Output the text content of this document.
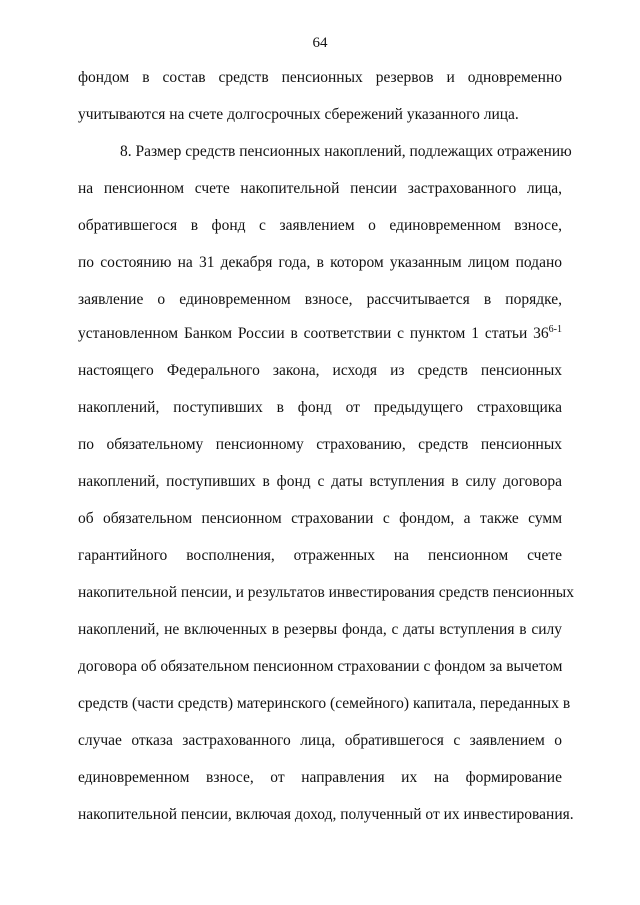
64
фондом в состав средств пенсионных резервов и одновременно
учитываются на счете долгосрочных сбережений указанного лица.
8. Размер средств пенсионных накоплений, подлежащих отражению
на пенсионном счете накопительной пенсии застрахованного лица,
обратившегося в фонд с заявлением о единовременном взносе,
по состоянию на 31 декабря года, в котором указанным лицом подано
заявление о единовременном взносе, рассчитывается в порядке,
установленном Банком России в соответствии с пунктом 1 статьи 36$^{6-1}$
настоящего Федерального закона, исходя из средств пенсионных
накоплений, поступивших в фонд от предыдущего страховщика
по обязательному пенсионному страхованию, средств пенсионных
накоплений, поступивших в фонд с даты вступления в силу договора
об обязательном пенсионном страховании с фондом, а также сумм
гарантийного восполнения, отраженных на пенсионном счете
накопительной пенсии, и результатов инвестирования средств пенсионных
накоплений, не включенных в резервы фонда, с даты вступления в силу
договора об обязательном пенсионном страховании с фондом за вычетом
средств (части средств) материнского (семейного) капитала, переданных в
случае отказа застрахованного лица, обратившегося с заявлением о
единовременном взносе, от направления их на формирование
накопительной пенсии, включая доход, полученный от их инвестирования.
